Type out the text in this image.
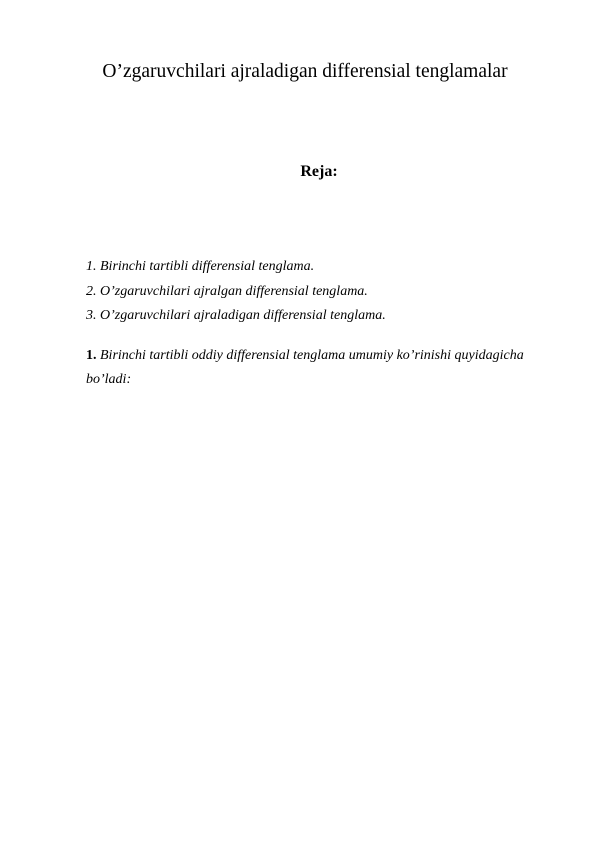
O’zgaruvchilari ajraladigan differensial tenglamalar
Reja:
1. Birinchi tartibli differensial tenglama.
2. O’zgaruvchilari ajralgan differensial tenglama.
3. O’zgaruvchilari ajraladigan differensial tenglama.
1. Birinchi tartibli oddiy differensial tenglama umumiy ko’rinishi quyidagicha bo’ladi:
